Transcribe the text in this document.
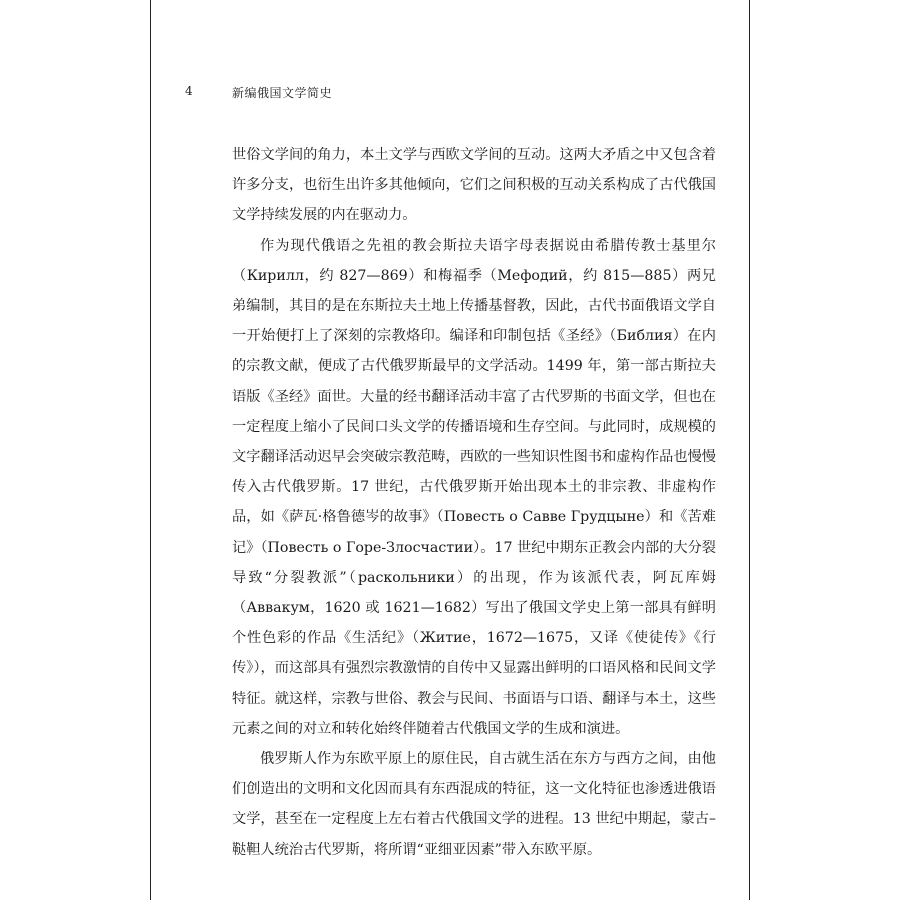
4	新编俄国文学简史

世俗文学间的角力，本土文学与西欧文学间的互动。这两大矛盾之中又包含着许多分支，也衍生出许多其他倾向，它们之间积极的互动关系构成了古代俄国文学持续发展的内在驱动力。

作为现代俄语之先祖的教会斯拉夫语字母表据说由希腊传教士基里尔（Кирилл，约 827—869）和梅福季（Мефодий，约 815—885）两兄弟编制，其目的是在东斯拉夫土地上传播基督教，因此，古代书面俄语文学自一开始便打上了深刻的宗教烙印。编译和印制包括《圣经》（Библия）在内的宗教文献，便成了古代俄罗斯最早的文学活动。1499 年，第一部古斯拉夫语版《圣经》面世。大量的经书翻译活动丰富了古代罗斯的书面文学，但也在一定程度上缩小了民间口头文学的传播语境和生存空间。与此同时，成规模的文字翻译活动迟早会突破宗教范畴，西欧的一些知识性图书和虚构作品也慢慢传入古代俄罗斯。17 世纪，古代俄罗斯开始出现本土的非宗教、非虚构作品，如《萨瓦·格鲁德岑的故事》（Повесть о Савве Грудцыне）和《苦难记》（Повесть о Горе-Злосчастии）。17 世纪中期东正教会内部的大分裂导致“分裂教派”（раскольники）的出现，作为该派代表，阿瓦库姆（Аввакум，1620 或 1621—1682）写出了俄国文学史上第一部具有鲜明个性色彩的作品《生活纪》（Житие，1672—1675，又译《使徒传》《行传》），而这部具有强烈宗教激情的自传中又显露出鲜明的口语风格和民间文学特征。就这样，宗教与世俗、教会与民间、书面语与口语、翻译与本土，这些元素之间的对立和转化始终伴随着古代俄国文学的生成和演进。

俄罗斯人作为东欧平原上的原住民，自古就生活在东方与西方之间，由他们创造出的文明和文化因而具有东西混成的特征，这一文化特征也渗透进俄语文学，甚至在一定程度上左右着古代俄国文学的进程。13 世纪中期起，蒙古–鞑靼人统治古代罗斯，将所谓“亚细亚因素”带入东欧平原。
